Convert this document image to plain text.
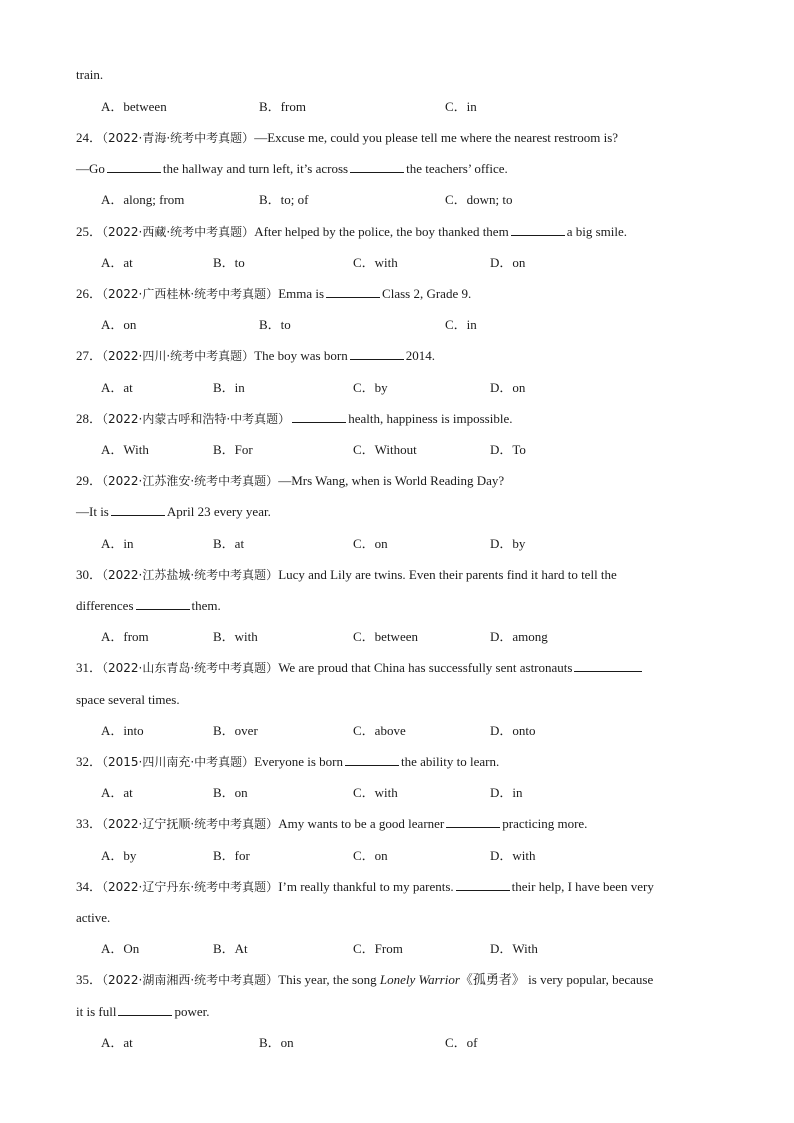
train.
A．between	B．from	C．in
24．（2022·青海·统考中考真题）—Excuse me, could you please tell me where the nearest restroom is?
—Go	the hallway and turn left, it’s across	the teachers’ office.
A．along; from	B．to; of	C．down; to
25．（2022·西藏·统考中考真题）After helped by the police, the boy thanked them	a big smile.
A．at	B．to	C．with	D．on
26．（2022·广西桂林·统考中考真题）Emma is	Class 2, Grade 9.
A．on	B．to	C．in
27．（2022·四川·统考中考真题）The boy was born	2014.
A．at	B．in	C．by	D．on
28．（2022·内蒙古呼和浩特·中考真题）	health, happiness is impossible.
A．With	B．For	C．Without	D．To
29．（2022·江苏淮安·统考中考真题）—Mrs Wang, when is World Reading Day?
—It is	April 23 every year.
A．in	B．at	C．on	D．by
30．（2022·江苏盐城·统考中考真题）Lucy and Lily are twins. Even their parents find it hard to tell the
differences	them.
A．from	B．with	C．between	D．among
31．（2022·山东青岛·统考中考真题）We are proud that China has successfully sent astronauts
space several times.
A．into	B．over	C．above	D．onto
32．（2015·四川南充·中考真题）Everyone is born	the ability to learn.
A．at	B．on	C．with	D．in
33．（2022·辽宁抚顺·统考中考真题）Amy wants to be a good learner	practicing more.
A．by	B．for	C．on	D．with
34．（2022·辽宁丹东·统考中考真题）I’m really thankful to my parents.	their help, I have been very
active.
A．On	B．At	C．From	D．With
35．（2022·湖南湘西·统考中考真题）This year, the song Lonely Warrior《孤勇者》 is very popular, because
it is full	power.
A．at	B．on	C．of
